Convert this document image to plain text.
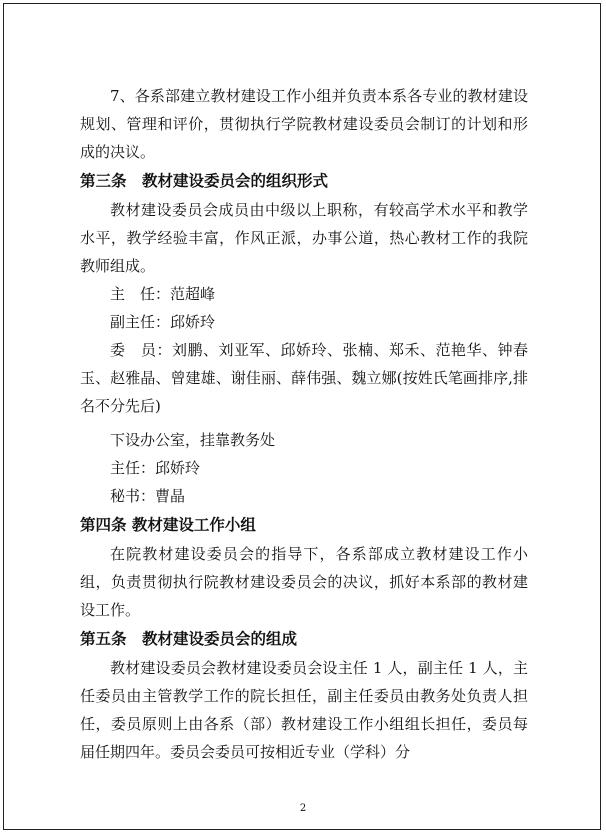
7、各系部建立教材建设工作小组并负责本系各专业的教材建设规划、管理和评价，贯彻执行学院教材建设委员会制订的计划和形成的决议。

第三条　教材建设委员会的组织形式

教材建设委员会成员由中级以上职称，有较高学术水平和教学水平，教学经验丰富，作风正派，办事公道，热心教材工作的我院教师组成。

主　任：范超峰

副主任：邱娇玲

委　员：刘鹏、刘亚军、邱娇玲、张楠、郑禾、范艳华、钟春玉、赵雅晶、曾建雄、谢佳丽、薛伟强、魏立娜(按姓氏笔画排序,排名不分先后)

下设办公室，挂靠教务处

主任：邱娇玲

秘书：曹晶

第四条 教材建设工作小组

在院教材建设委员会的指导下，各系部成立教材建设工作小组，负责贯彻执行院教材建设委员会的决议，抓好本系部的教材建设工作。

第五条　教材建设委员会的组成

教材建设委员会教材建设委员会设主任 1 人，副主任 1 人，主任委员由主管教学工作的院长担任，副主任委员由教务处负责人担任，委员原则上由各系（部）教材建设工作小组组长担任，委员每届任期四年。委员会委员可按相近专业（学科）分

2
